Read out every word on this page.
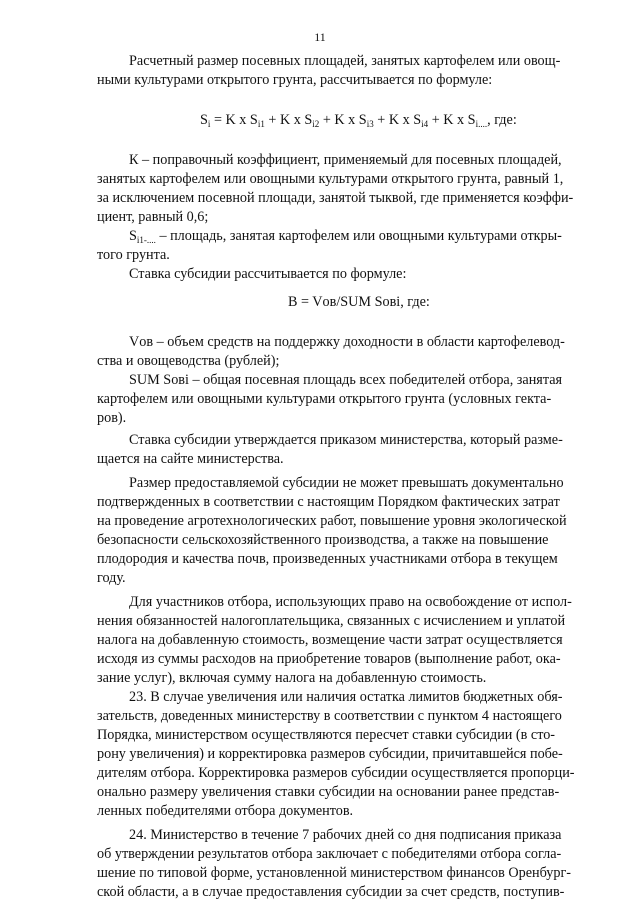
11
Расчетный размер посевных площадей, занятых картофелем или овощ-
ными культурами открытого грунта, рассчитывается по формуле:
$S_i = K$ x $S_{i1} + K$ x $S_{i2} + K$ x $S_{i3} + K$ x $S_{i4} + K$ x $S_{i....}$, где:
К – поправочный коэффициент, применяемый для посевных площадей,
занятых картофелем или овощными культурами открытого грунта, равный 1,
за исключением посевной площади, занятой тыквой, где применяется коэффи-
циент, равный 0,6;
$S_{i1-....}$ – площадь, занятая картофелем или овощными культурами откры-
того грунта.
Ставка субсидии рассчитывается по формуле:
B = Vов/SUM Sовi, где:
Vов – объем средств на поддержку доходности в области картофелевод-
ства и овощеводства (рублей);
SUM Sовi – общая посевная площадь всех победителей отбора, занятая
картофелем или овощными культурами открытого грунта (условных гекта-
ров).
Ставка субсидии утверждается приказом министерства, который разме-
щается на сайте министерства.
Размер предоставляемой субсидии не может превышать документально
подтвержденных в соответствии с настоящим Порядком фактических затрат
на проведение агротехнологических работ, повышение уровня экологической
безопасности сельскохозяйственного производства, а также на повышение
плодородия и качества почв, произведенных участниками отбора в текущем
году.
Для участников отбора, использующих право на освобождение от испол-
нения обязанностей налогоплательщика, связанных с исчислением и уплатой
налога на добавленную стоимость, возмещение части затрат осуществляется
исходя из суммы расходов на приобретение товаров (выполнение работ, ока-
зание услуг), включая сумму налога на добавленную стоимость.
23. В случае увеличения или наличия остатка лимитов бюджетных обя-
зательств, доведенных министерству в соответствии с пунктом 4 настоящего
Порядка, министерством осуществляются пересчет ставки субсидии (в сто-
рону увеличения) и корректировка размеров субсидии, причитавшейся побе-
дителям отбора. Корректировка размеров субсидии осуществляется пропорци-
онально размеру увеличения ставки субсидии на основании ранее представ-
ленных победителями отбора документов.
24. Министерство в течение 7 рабочих дней со дня подписания приказа
об утверждении результатов отбора заключает с победителями отбора согла-
шение по типовой форме, установленной министерством финансов Оренбург-
ской области, а в случае предоставления субсидии за счет средств, поступив-
